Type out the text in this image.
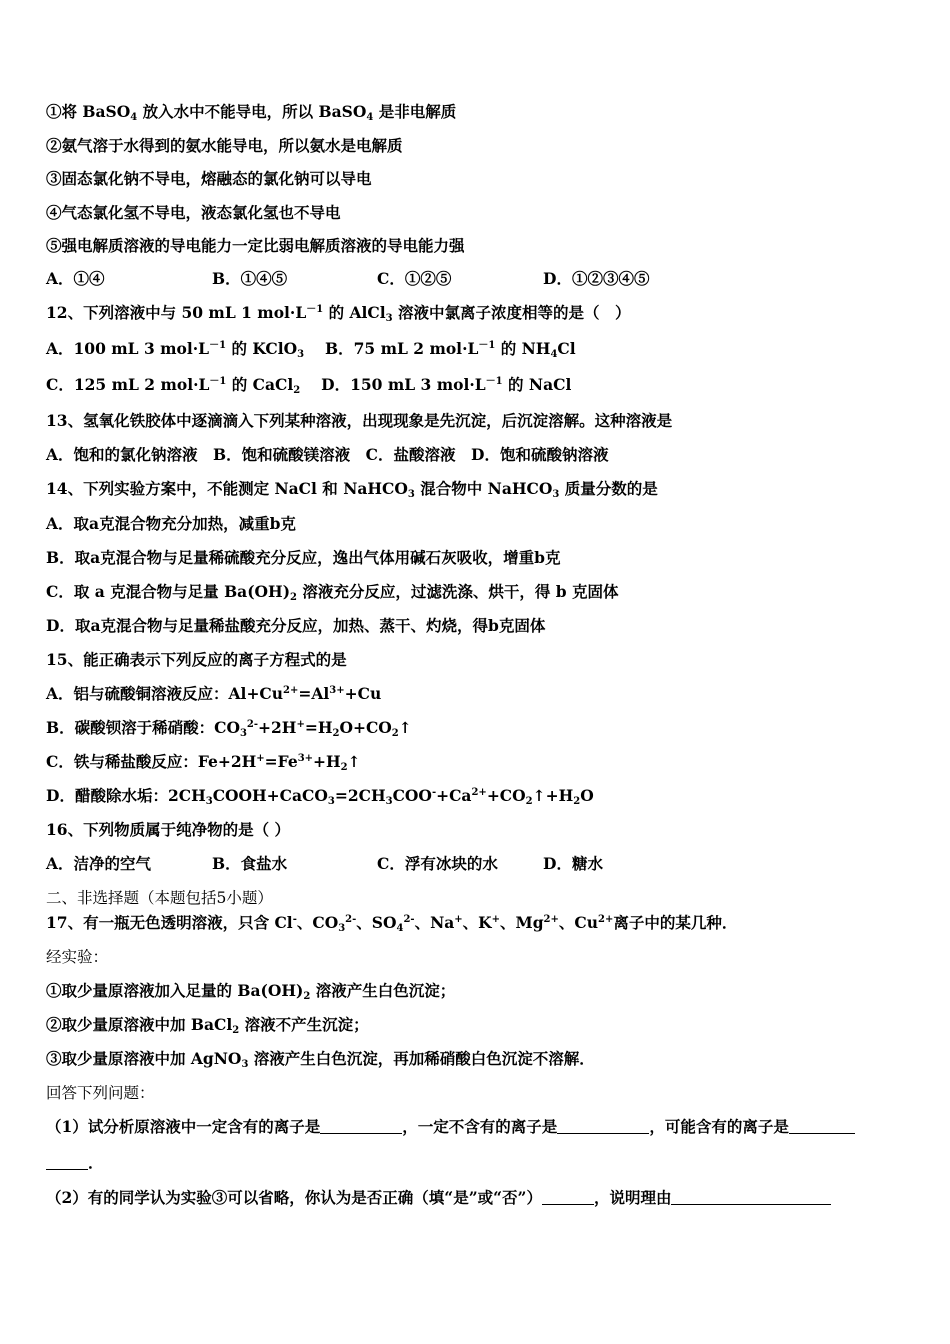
①将 BaSO$_4$ 放入水中不能导电，所以 BaSO$_4$ 是非电解质
②氨气溶于水得到的氨水能导电，所以氨水是电解质
③固态氯化钠不导电，熔融态的氯化钠可以导电
④气态氯化氢不导电，液态氯化氢也不导电
⑤强电解质溶液的导电能力一定比弱电解质溶液的导电能力强
A．①④	B．①④⑤	C．①②⑤	D．①②③④⑤
12、下列溶液中与 50 mL 1 $mol\cdot L^{-1}$ 的 AlCl$_3$ 溶液中氯离子浓度相等的是（　）
A．100 mL 3 $mol\cdot L^{-1}$ 的 KClO$_3$　 B．75 mL 2 $mol\cdot L^{-1}$ 的 $NH_4Cl$
C．125 mL 2 $mol\cdot L^{-1}$ 的 CaCl$_2$　 D．150 mL 3 $mol\cdot L^{-1}$ 的 NaCl
13、氢氧化铁胶体中逐滴滴入下列某种溶液，出现现象是先沉淀，后沉淀溶解。这种溶液是
A．饱和的氯化钠溶液　 B．饱和硫酸镁溶液　 C．盐酸溶液　 D．饱和硫酸钠溶液
14、下列实验方案中，不能测定 NaCl 和 NaHCO$_3$ 混合物中 NaHCO$_3$ 质量分数的是
A．取a克混合物充分加热，减重b克
B．取a克混合物与足量稀硫酸充分反应，逸出气体用碱石灰吸收，增重b克
C．取 a 克混合物与足量 $Ba(OH)_2$ 溶液充分反应，过滤洗涤、烘干，得 b 克固体
D．取a克混合物与足量稀盐酸充分反应，加热、蒸干、灼烧，得b克固体
15、能正确表示下列反应的离子方程式的是
A．铝与硫酸铜溶液反应：$Al+Cu^{2+}=Al^{3+}+Cu$
B．碳酸钡溶于稀硝酸：$CO_3^{2-}+2H^+=H_2O+CO_2↑$
C．铁与稀盐酸反应：$Fe+2H^+=Fe^{3+}+H_2↑$
D．醋酸除水垢：$2CH_3COOH+CaCO_3=2CH_3COO^-+Ca^{2+}+CO_2↑+H_2O$
16、下列物质属于纯净物的是（ ）
A．洁净的空气	B．食盐水	C．浮有冰块的水	D．糖水
二、非选择题（本题包括5小题）
17、有一瓶无色透明溶液，只含 Cl-、$CO_3^{2-}$、$SO_4^{2-}$、Na+、K+、$Mg^{2+}$、$Cu^{2+}$离子中的某几种．
经实验：
①取少量原溶液加入足量的 $Ba(OH)_2$ 溶液产生白色沉淀；
②取少量原溶液中加 BaCl$_2$ 溶液不产生沉淀；
③取少量原溶液中加 AgNO$_3$ 溶液产生白色沉淀，再加稀硝酸白色沉淀不溶解．
回答下列问题：
（1）试分析原溶液中一定含有的离子是	，一定不含有的离子是	，可能含有的离子是
．
（2）有的同学认为实验③可以省略，你认为是否正确（填“是”或“否”）	，说明理由
